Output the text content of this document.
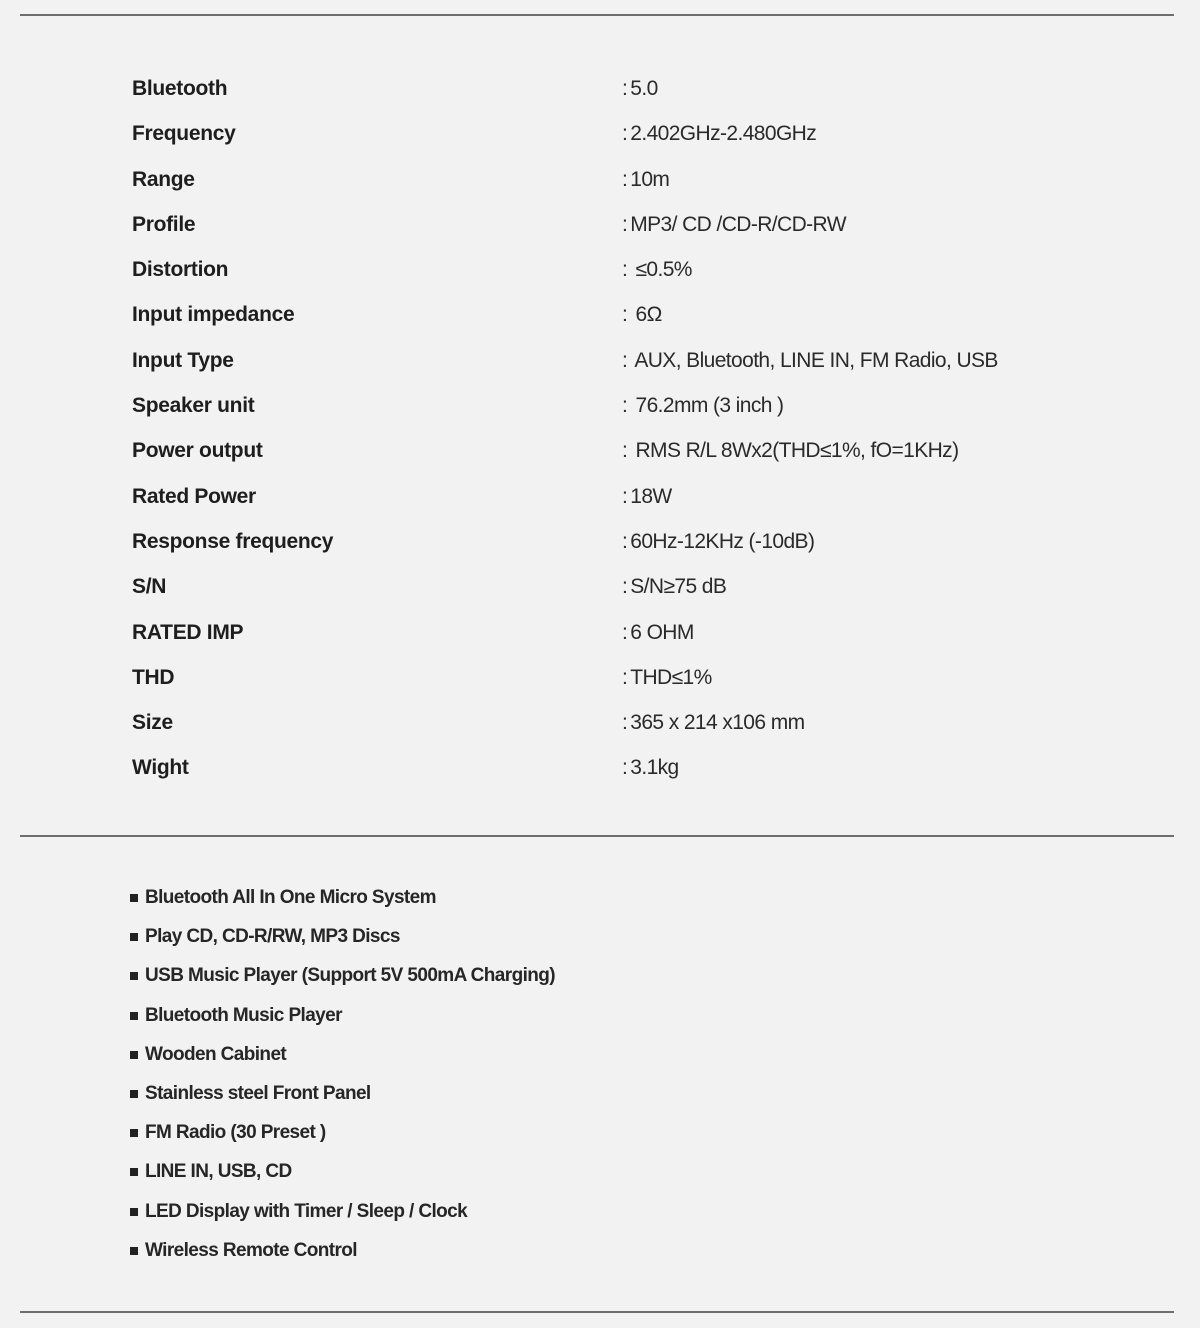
Bluetooth	: 5.0
Frequency	: 2.402GHz-2.480GHz
Range	: 10m
Profile	: MP3/ CD /CD-R/CD-RW
Distortion	: ≤0.5%
Input impedance	: 6Ω
Input Type	: AUX, Bluetooth, LINE IN, FM Radio, USB
Speaker unit	: 76.2mm (3 inch )
Power output	: RMS R/L 8Wx2(THD≤1%, fO=1KHz)
Rated Power	: 18W
Response frequency	: 60Hz-12KHz (-10dB)
S/N	: S/N≥75 dB
RATED IMP	: 6 OHM
THD	: THD≤1%
Size	: 365 x 214 x106 mm
Wight	: 3.1kg
Bluetooth All In One Micro System
Play CD, CD-R/RW, MP3 Discs
USB Music Player (Support 5V 500mA Charging)
Bluetooth Music Player
Wooden Cabinet
Stainless steel Front Panel
FM Radio (30 Preset )
LINE IN, USB, CD
LED Display with Timer / Sleep / Clock
Wireless Remote Control
